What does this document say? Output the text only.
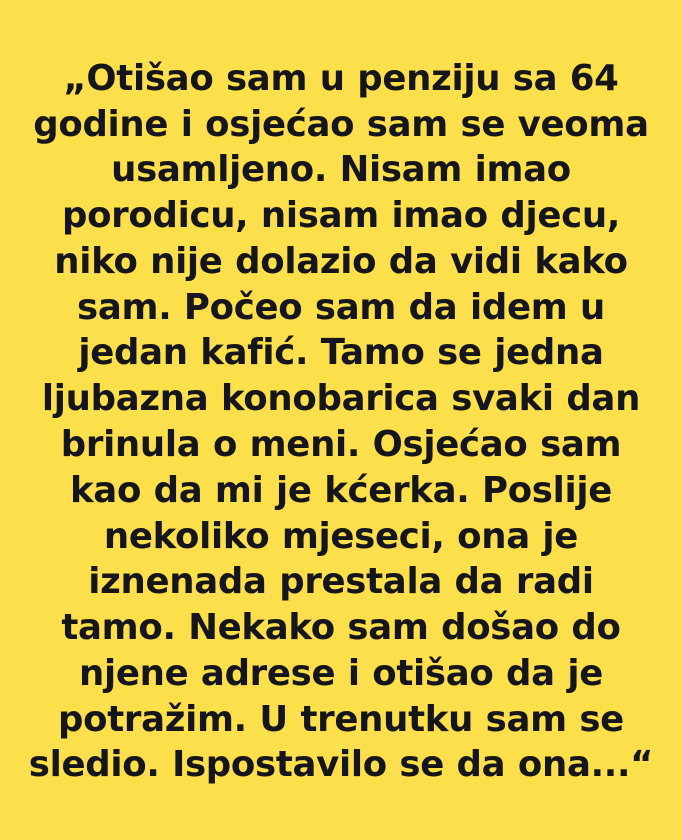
„Otišao sam u penziju sa 64 godine i osjećao sam se veoma usamljeno. Nisam imao porodicu, nisam imao djecu, niko nije dolazio da vidi kako sam. Počeo sam da idem u jedan kafić. Tamo se jedna ljubazna konobarica svaki dan brinula o meni. Osjećao sam kao da mi je kćerka. Poslije nekoliko mjeseci, ona je iznenada prestala da radi tamo. Nekako sam došao do njene adrese i otišao da je potražim. U trenutku sam se sledio. Ispostavilo se da ona...“
